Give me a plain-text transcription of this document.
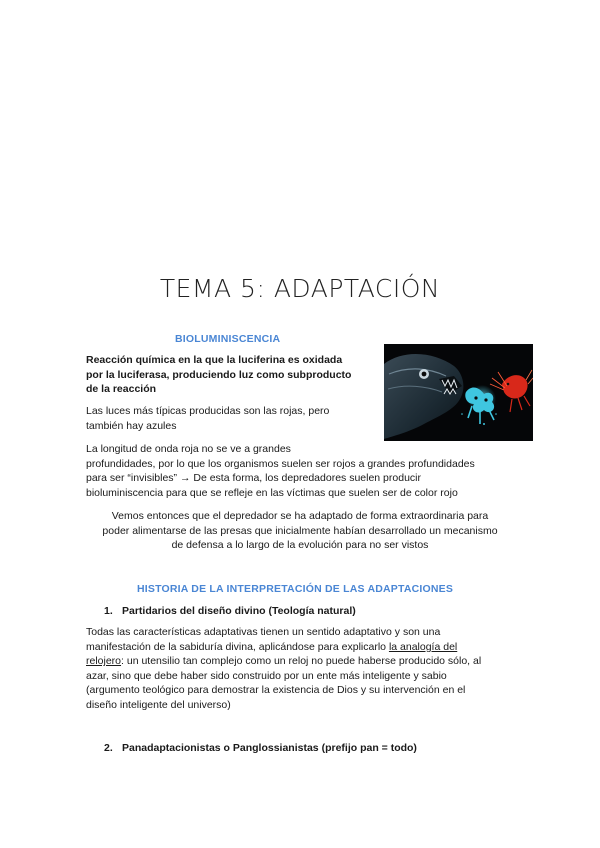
TEMA 5: ADAPTACIÓN
BIOLUMINISCENCIA
Reacción química en la que la luciferina es oxidada
por la luciferasa, produciendo luz como subproducto
de la reacción
Las luces más típicas producidas son las rojas, pero
también hay azules
La longitud de onda roja no se ve a grandes
profundidades, por lo que los organismos suelen ser rojos a grandes profundidades
para ser “invisibles” → De esta forma, los depredadores suelen producir
bioluminiscencia para que se refleje en las víctimas que suelen ser de color rojo
Vemos entonces que el depredador se ha adaptado de forma extraordinaria para
poder alimentarse de las presas que inicialmente habían desarrollado un mecanismo
de defensa a lo largo de la evolución para no ser vistos
HISTORIA DE LA INTERPRETACIÓN DE LAS ADAPTACIONES
1. Partidarios del diseño divino (Teología natural)
Todas las características adaptativas tienen un sentido adaptativo y son una
manifestación de la sabiduría divina, aplicándose para explicarlo la analogía del
relojero: un utensilio tan complejo como un reloj no puede haberse producido sólo, al
azar, sino que debe haber sido construido por un ente más inteligente y sabio
(argumento teológico para demostrar la existencia de Dios y su intervención en el
diseño inteligente del universo)
2. Panadaptacionistas o Panglossianistas (prefijo pan = todo)
